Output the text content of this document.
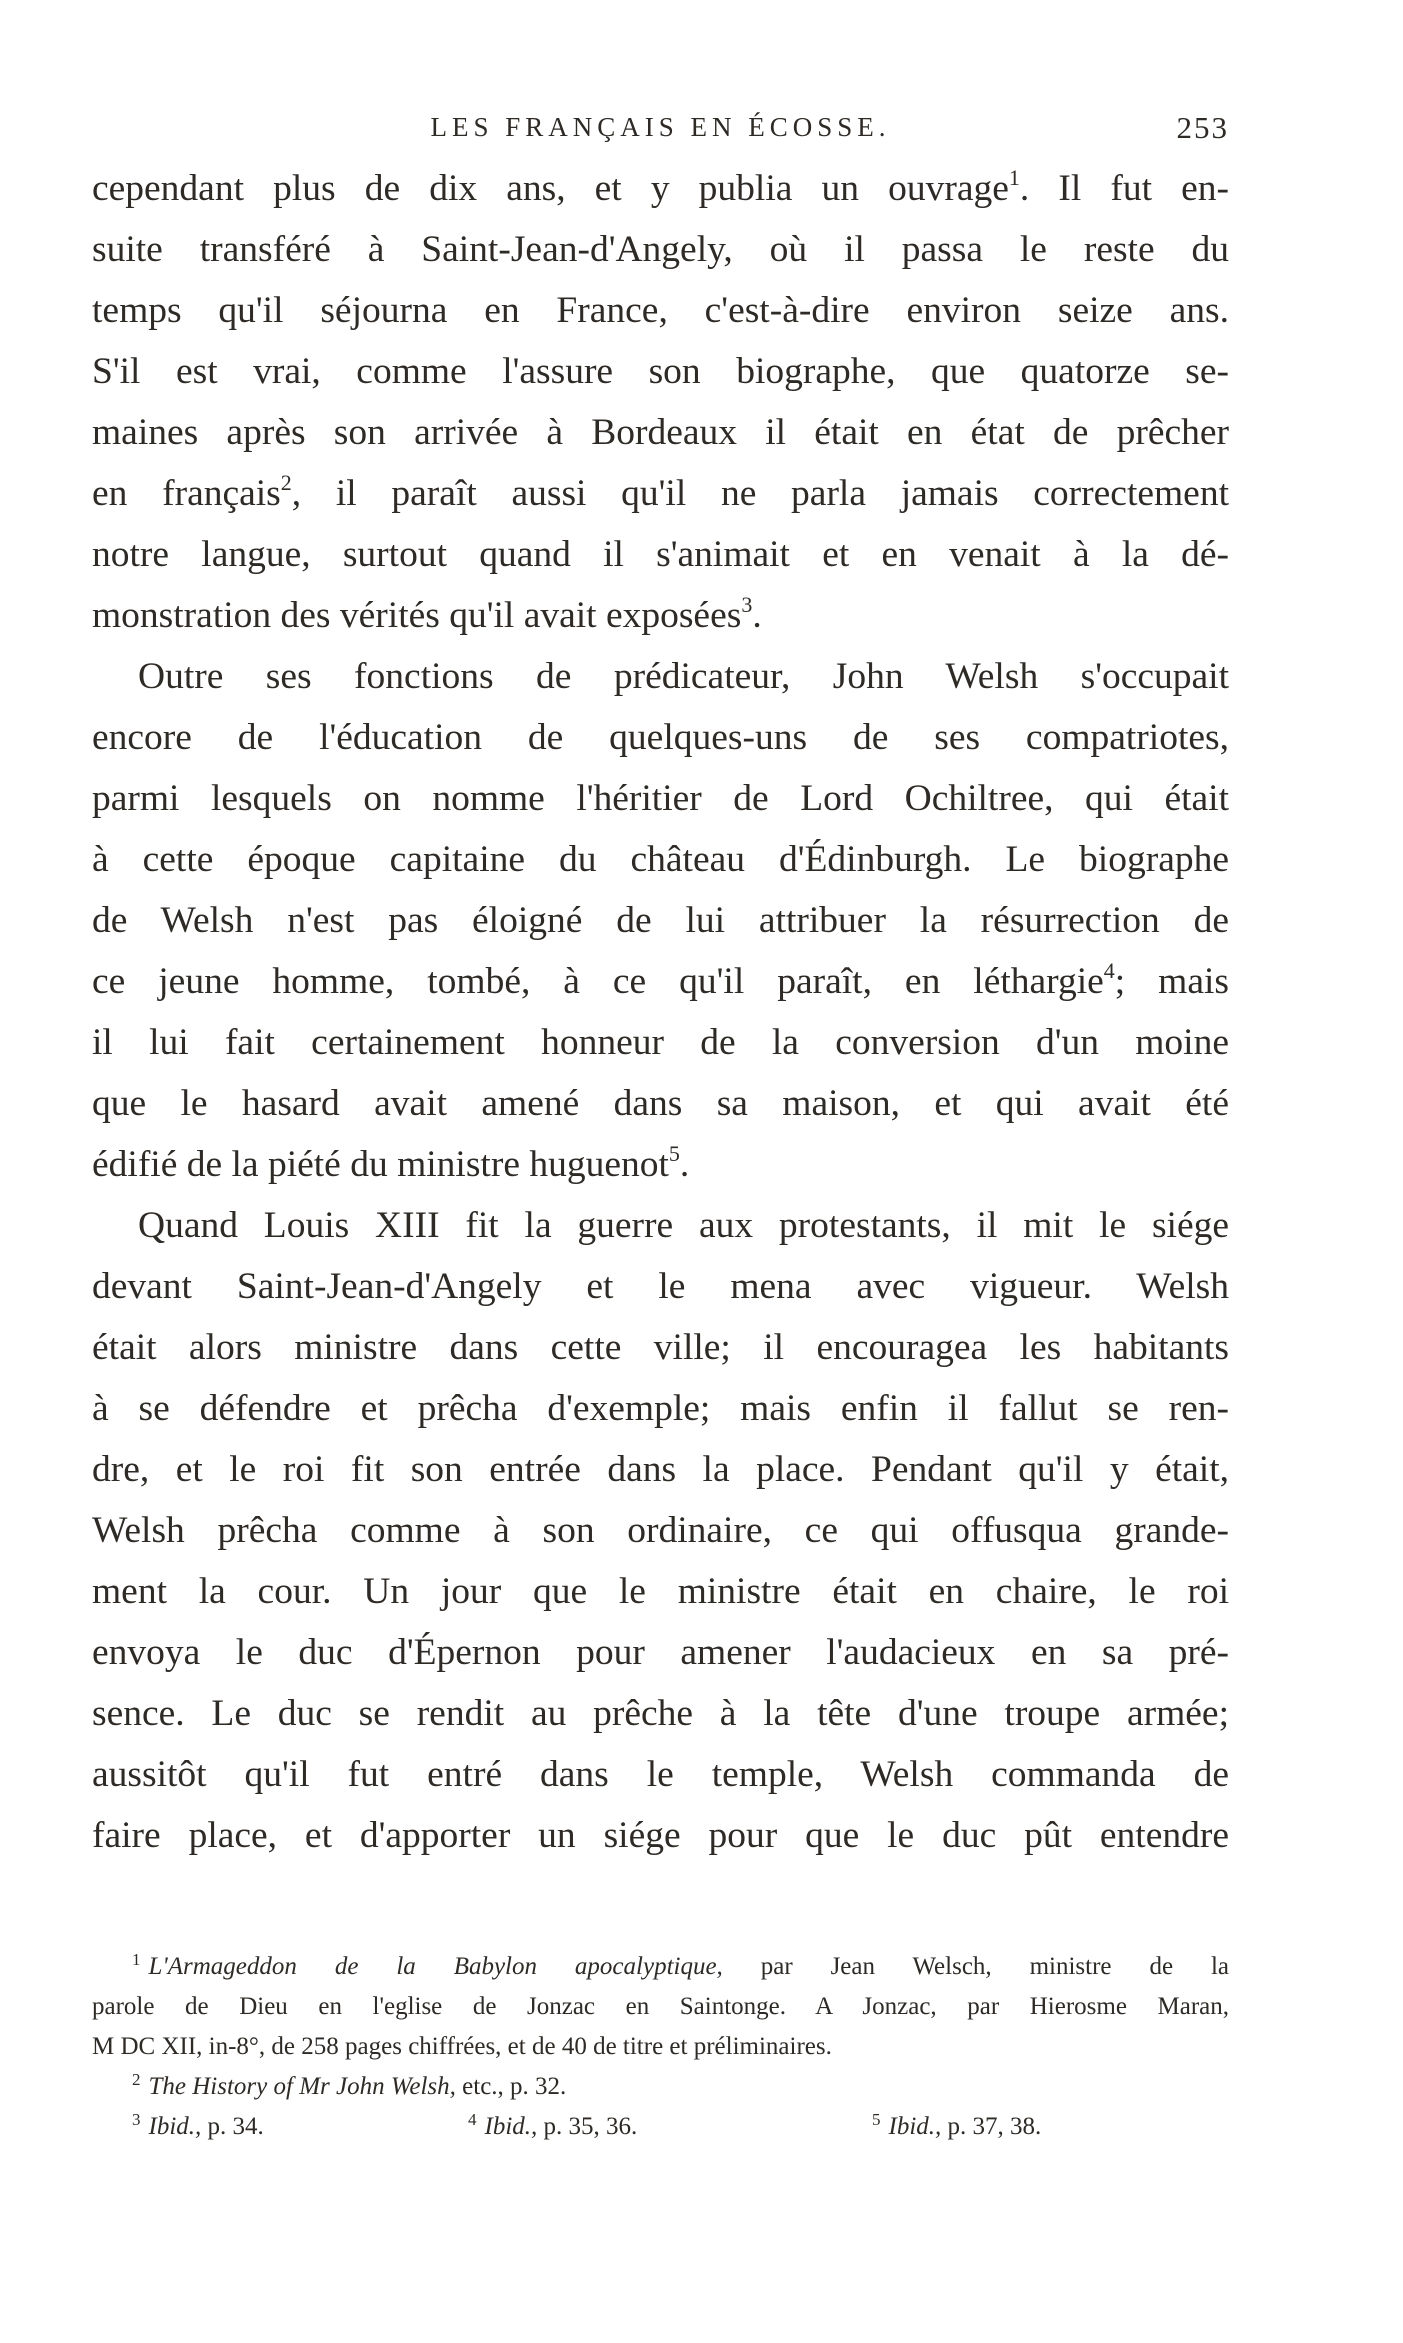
LES FRANÇAIS EN ÉCOSSE.	253
cependant plus de dix ans, et y publia un ouvrage$^1$. Il fut en-
suite transféré à Saint-Jean-d'Angely, où il passa le reste du
temps qu'il séjourna en France, c'est-à-dire environ seize ans.
S'il est vrai, comme l'assure son biographe, que quatorze se-
maines après son arrivée à Bordeaux il était en état de prêcher
en français$^2$, il paraît aussi qu'il ne parla jamais correctement
notre langue, surtout quand il s'animait et en venait à la dé-
monstration des vérités qu'il avait exposées$^3$.
Outre ses fonctions de prédicateur, John Welsh s'occupait
encore de l'éducation de quelques-uns de ses compatriotes,
parmi lesquels on nomme l'héritier de Lord Ochiltree, qui était
à cette époque capitaine du château d'Édinburgh. Le biographe
de Welsh n'est pas éloigné de lui attribuer la résurrection de
ce jeune homme, tombé, à ce qu'il paraît, en léthargie$^4$; mais
il lui fait certainement honneur de la conversion d'un moine
que le hasard avait amené dans sa maison, et qui avait été
édifié de la piété du ministre huguenot$^5$.
Quand Louis XIII fit la guerre aux protestants, il mit le siége
devant Saint-Jean-d'Angely et le mena avec vigueur. Welsh
était alors ministre dans cette ville; il encouragea les habitants
à se défendre et prêcha d'exemple; mais enfin il fallut se ren-
dre, et le roi fit son entrée dans la place. Pendant qu'il y était,
Welsh prêcha comme à son ordinaire, ce qui offusqua grande-
ment la cour. Un jour que le ministre était en chaire, le roi
envoya le duc d'Épernon pour amener l'audacieux en sa pré-
sence. Le duc se rendit au prêche à la tête d'une troupe armée;
aussitôt qu'il fut entré dans le temple, Welsh commanda de
faire place, et d'apporter un siége pour que le duc pût entendre
$^1$ L'Armageddon de la Babylon apocalyptique, par Jean Welsch, ministre de la
parole de Dieu en l'eglise de Jonzac en Saintonge. A Jonzac, par Hierosme Maran,
M DC XII, in-8°, de 258 pages chiffrées, et de 40 de titre et préliminaires.
$^2$ The History of Mr John Welsh, etc., p. 32.
$^3$ Ibid., p. 34.	$^4$ Ibid., p. 35, 36.	$^5$ Ibid., p. 37, 38.
